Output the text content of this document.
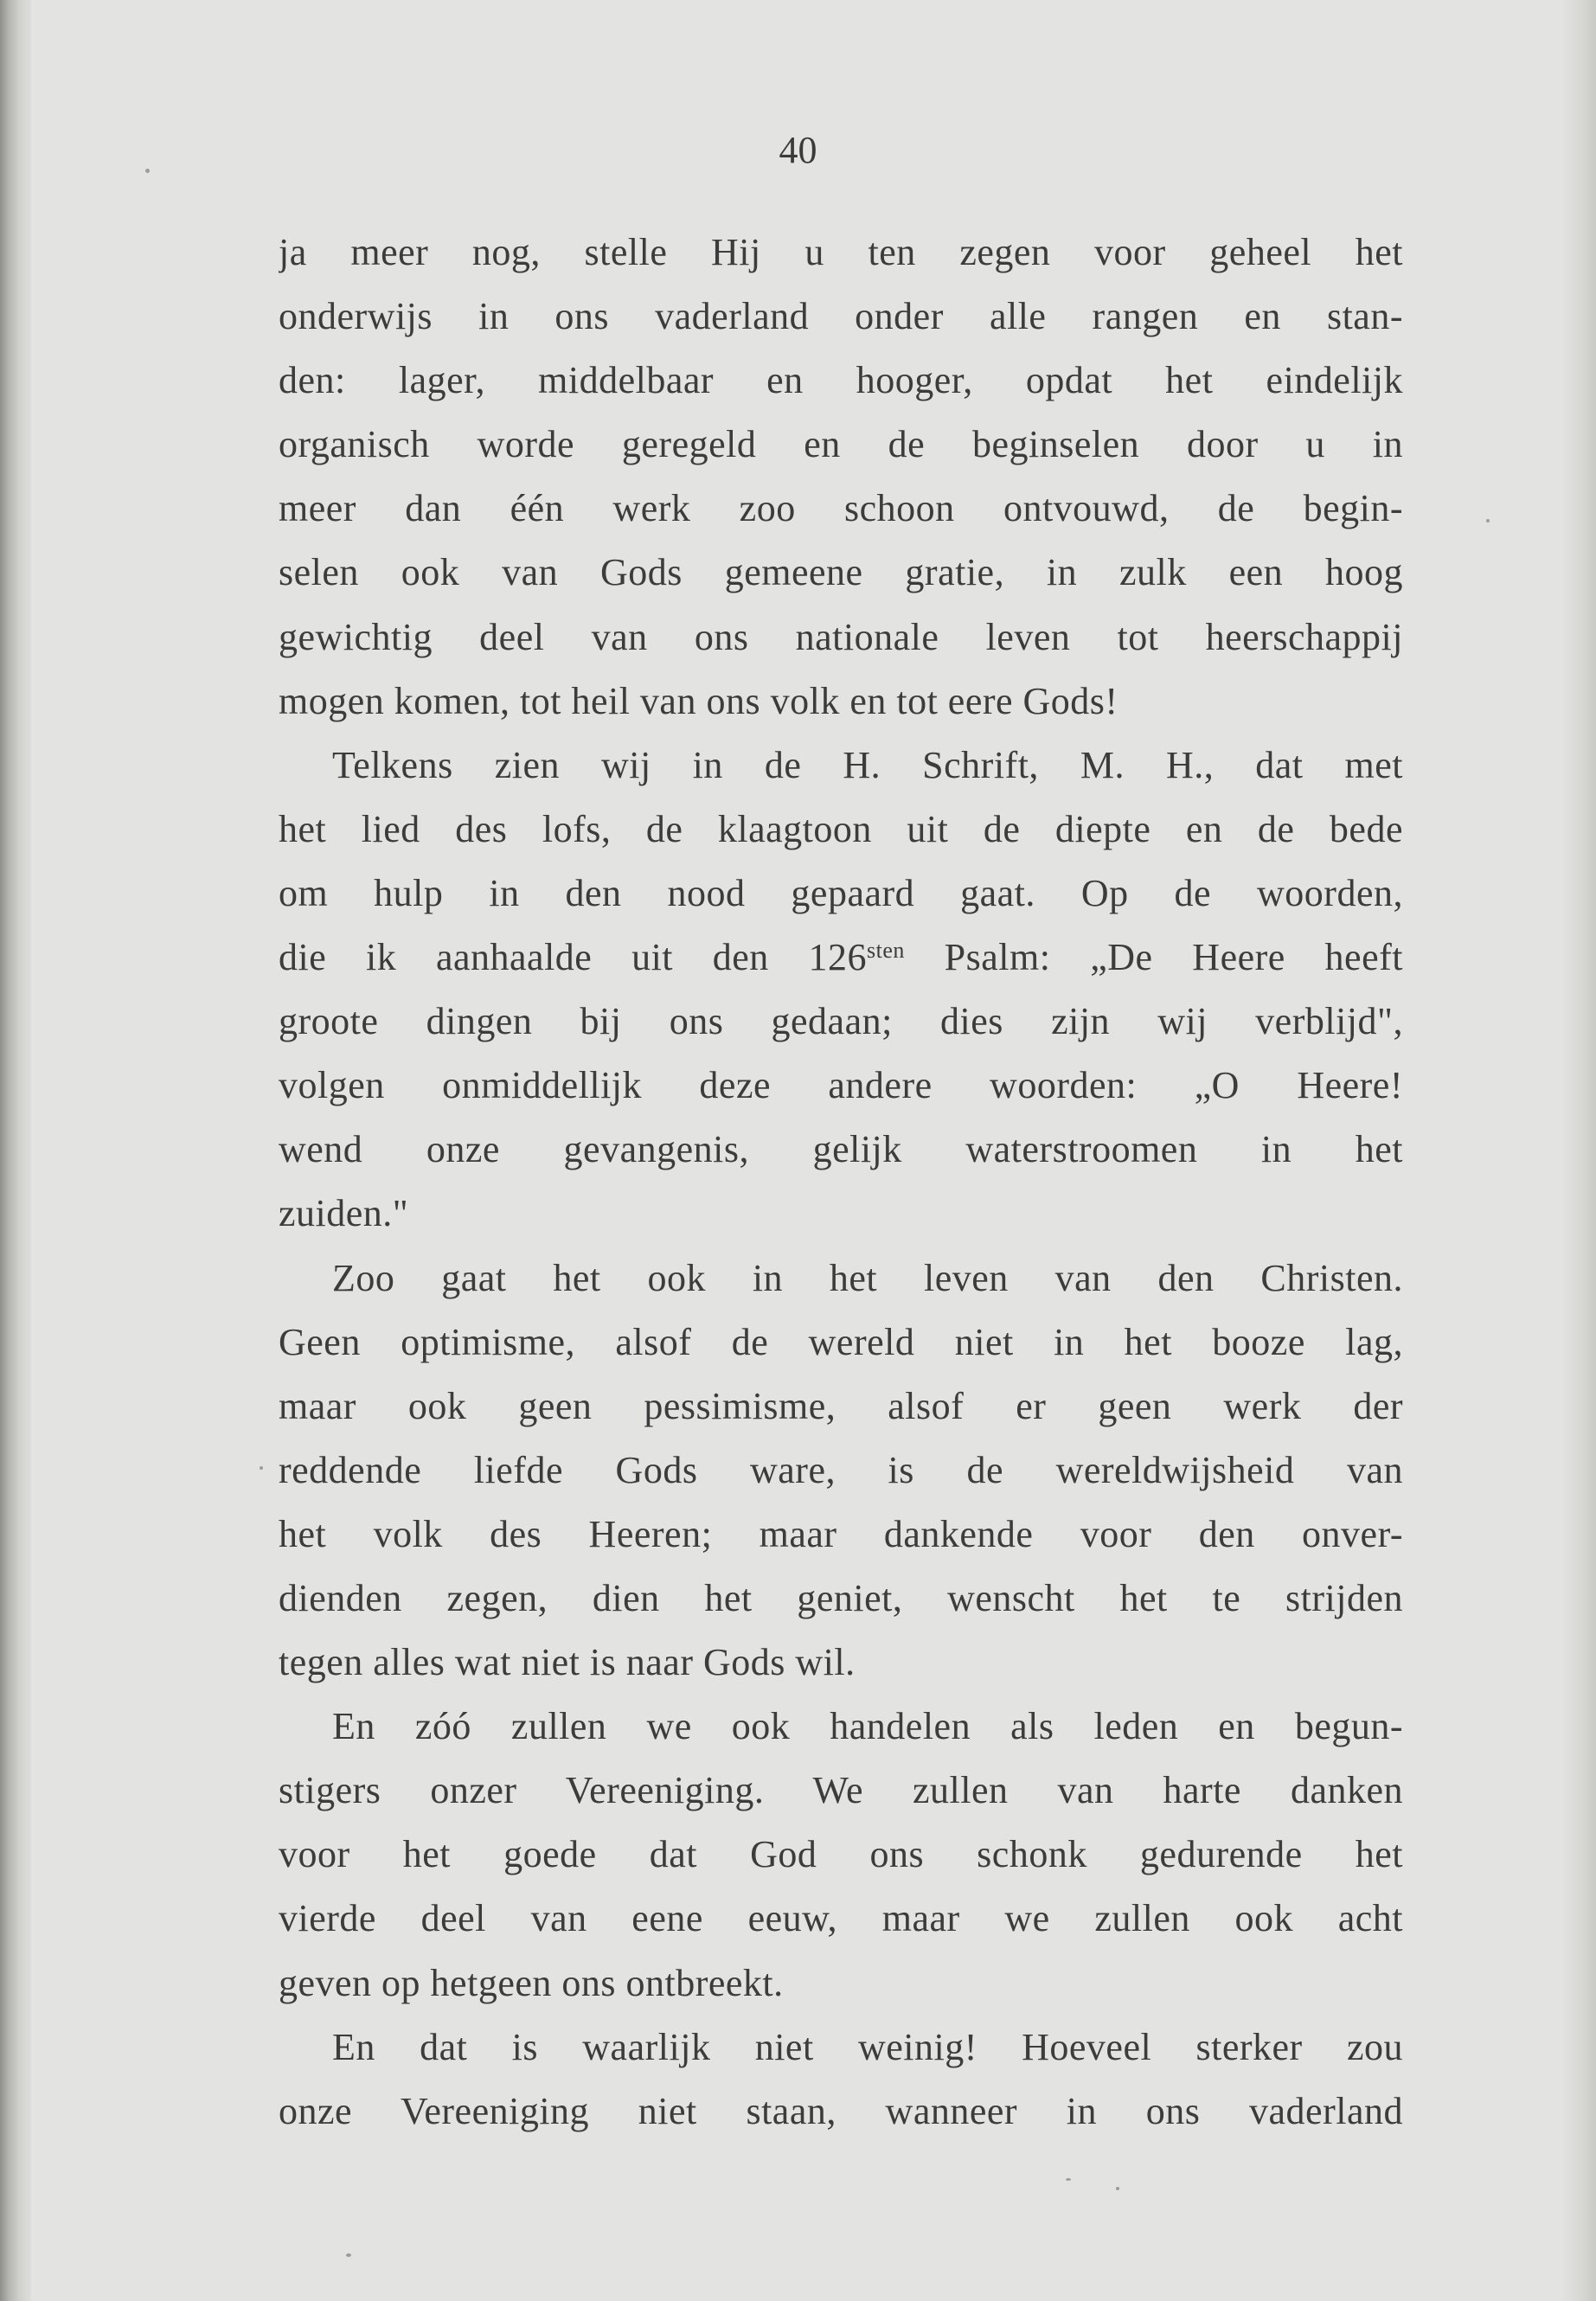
40

ja meer nog, stelle Hij u ten zegen voor geheel het
onderwijs in ons vaderland onder alle rangen en stan-
den: lager, middelbaar en hooger, opdat het eindelijk
organisch worde geregeld en de beginselen door u in
meer dan één werk zoo schoon ontvouwd, de begin-
selen ook van Gods gemeene gratie, in zulk een hoog
gewichtig deel van ons nationale leven tot heerschappij
mogen komen, tot heil van ons volk en tot eere Gods!
Telkens zien wij in de H. Schrift, M. H., dat met
het lied des lofs, de klaagtoon uit de diepte en de bede
om hulp in den nood gepaard gaat. Op de woorden,
die ik aanhaalde uit den $126^{sten}$ Psalm: „De Heere heeft
groote dingen bij ons gedaan; dies zijn wij verblijd",
volgen onmiddellijk deze andere woorden: „O Heere!
wend onze gevangenis, gelijk waterstroomen in het
zuiden."
Zoo gaat het ook in het leven van den Christen.
Geen optimisme, alsof de wereld niet in het booze lag,
maar ook geen pessimisme, alsof er geen werk der
reddende liefde Gods ware, is de wereldwijsheid van
het volk des Heeren; maar dankende voor den onver-
dienden zegen, dien het geniet, wenscht het te strijden
tegen alles wat niet is naar Gods wil.
En zóó zullen we ook handelen als leden en begun-
stigers onzer Vereeniging. We zullen van harte danken
voor het goede dat God ons schonk gedurende het
vierde deel van eene eeuw, maar we zullen ook acht
geven op hetgeen ons ontbreekt.
En dat is waarlijk niet weinig! Hoeveel sterker zou
onze Vereeniging niet staan, wanneer in ons vaderland
